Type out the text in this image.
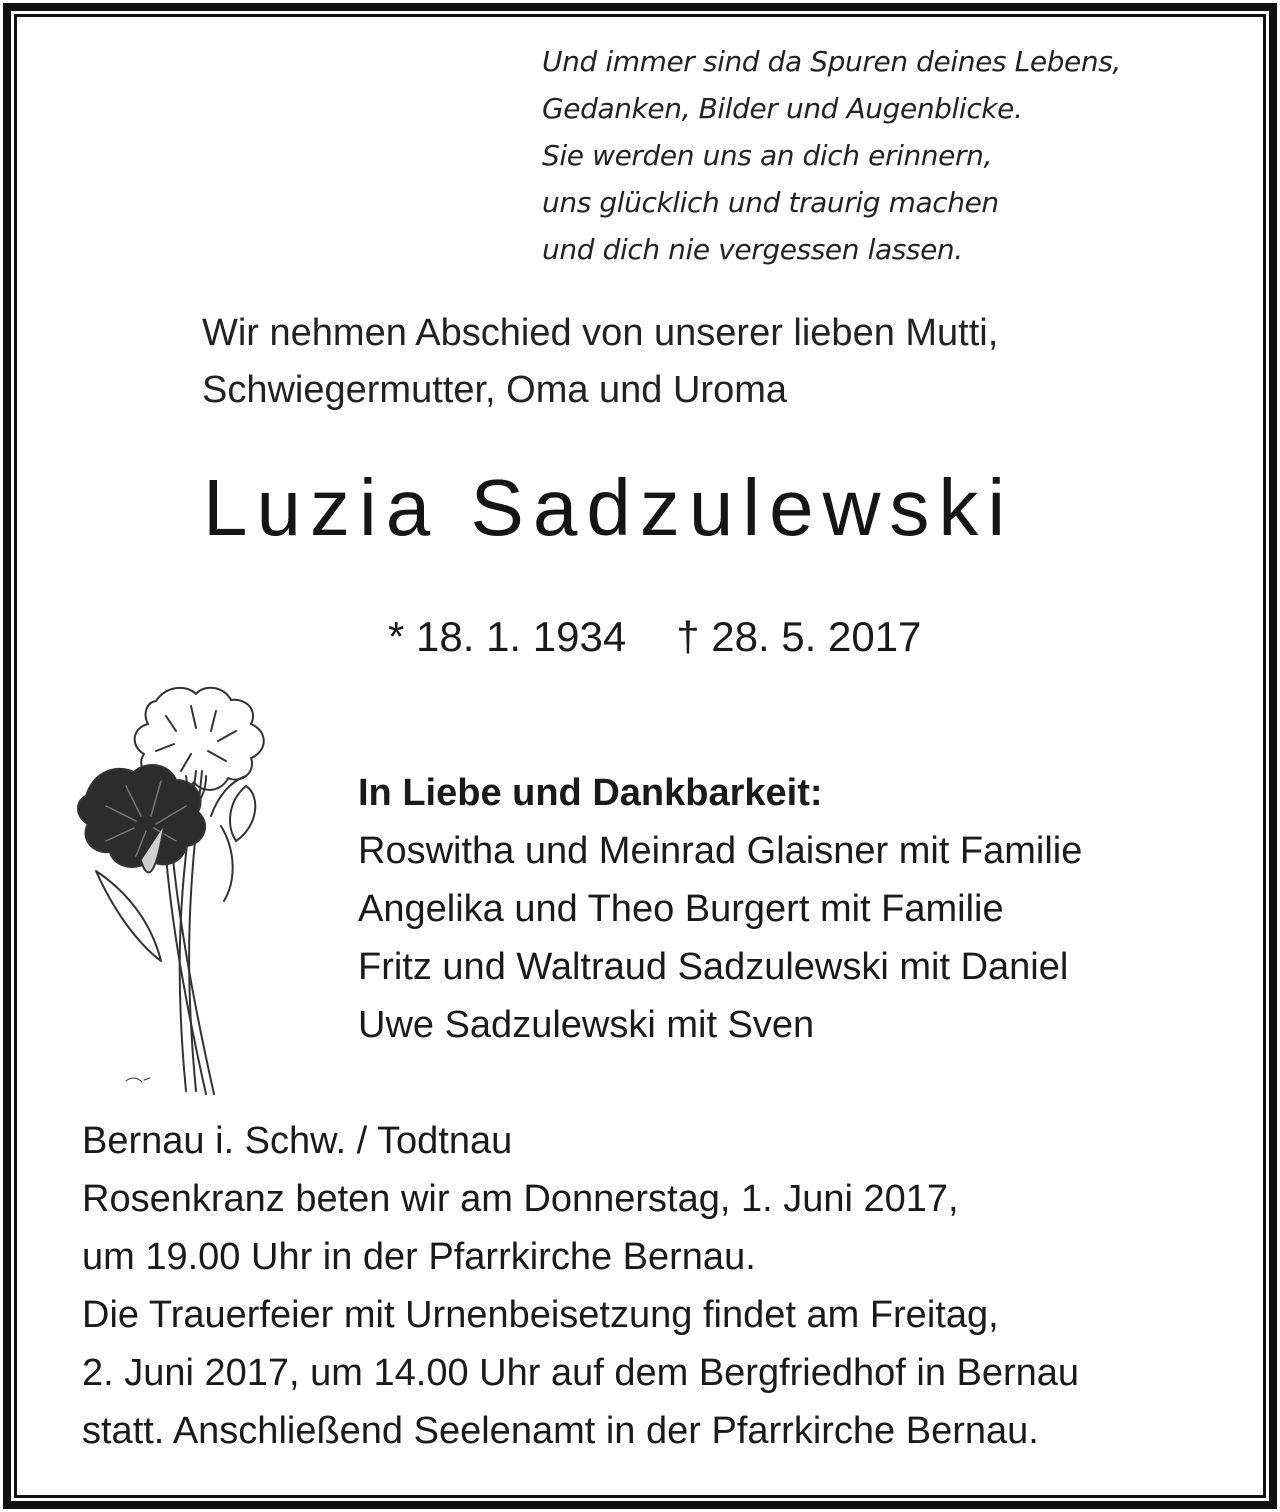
Und immer sind da Spuren deines Lebens,
Gedanken, Bilder und Augenblicke.
Sie werden uns an dich erinnern,
uns glücklich und traurig machen
und dich nie vergessen lassen.
Wir nehmen Abschied von unserer lieben Mutti,
Schwiegermutter, Oma und Uroma
Luzia Sadzulewski
* 18. 1. 1934 † 28. 5. 2017
In Liebe und Dankbarkeit:
Roswitha und Meinrad Glaisner mit Familie
Angelika und Theo Burgert mit Familie
Fritz und Waltraud Sadzulewski mit Daniel
Uwe Sadzulewski mit Sven
Bernau i. Schw. / Todtnau
Rosenkranz beten wir am Donnerstag, 1. Juni 2017,
um 19.00 Uhr in der Pfarrkirche Bernau.
Die Trauerfeier mit Urnenbeisetzung findet am Freitag,
2. Juni 2017, um 14.00 Uhr auf dem Bergfriedhof in Bernau
statt. Anschließend Seelenamt in der Pfarrkirche Bernau.
